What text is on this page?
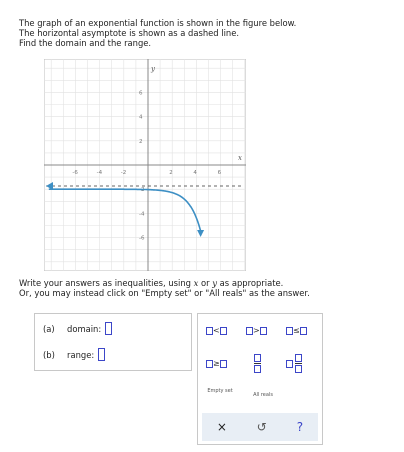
The graph of an exponential function is shown in the figure below.
The horizontal asymptote is shown as a dashed line.
Find the domain and the range.
x
y
-6	-4	-2	2	4	6
6
4
2
-2
-4
-6
Write your answers as inequalities, using x or y as appropriate.
Or, you may instead click on "Empty set" or "All reals" as the answer.
(a)	domain:
(b)	range:
<	>	≤
≥
Empty set
All reals
× ↺ ?
